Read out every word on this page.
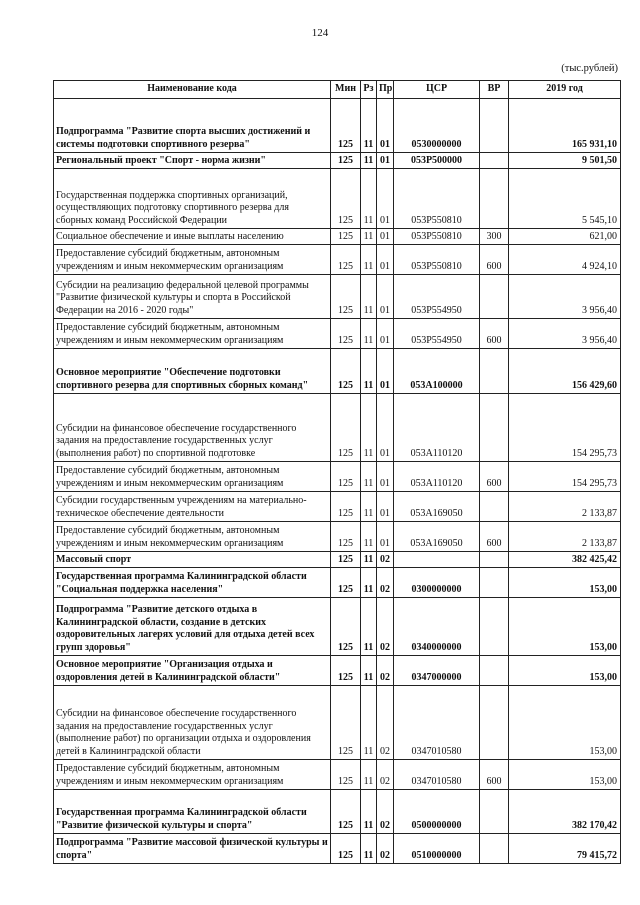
124
(тыс.рублей)
Наименование кода	Мин	Рз	Пр	ЦСР	ВР	2019 год
Подпрограмма "Развитие спорта высших достижений и системы подготовки спортивного резерва"	125	11	01	0530000000		165 931,10
Региональный проект "Спорт - норма жизни"	125	11	01	053P500000		9 501,50
Государственная поддержка спортивных организаций, осуществляющих подготовку спортивного резерва для сборных команд Российской Федерации	125	11	01	053P550810		5 545,10
Социальное обеспечение и иные выплаты населению	125	11	01	053P550810	300	621,00
Предоставление субсидий бюджетным, автономным учреждениям и иным некоммерческим организациям	125	11	01	053P550810	600	4 924,10
Субсидии на реализацию федеральной целевой программы "Развитие физической культуры и спорта в Российской Федерации на 2016 - 2020 годы"	125	11	01	053P554950		3 956,40
Предоставление субсидий бюджетным, автономным учреждениям и иным некоммерческим организациям	125	11	01	053P554950	600	3 956,40
Основное мероприятие "Обеспечение подготовки спортивного резерва для спортивных сборных команд"	125	11	01	053A100000		156 429,60
Субсидии на финансовое обеспечение государственного задания на предоставление государственных услуг (выполнения работ) по спортивной подготовке	125	11	01	053A110120		154 295,73
Предоставление субсидий бюджетным, автономным учреждениям и иным некоммерческим организациям	125	11	01	053A110120	600	154 295,73
Субсидии государственным учреждениям на материально-техническое обеспечение деятельности	125	11	01	053A169050		2 133,87
Предоставление субсидий бюджетным, автономным учреждениям и иным некоммерческим организациям	125	11	01	053A169050	600	2 133,87
Массовый спорт	125	11	02			382 425,42
Государственная программа Калининградской области "Социальная поддержка населения"	125	11	02	0300000000		153,00
Подпрограмма "Развитие детского отдыха в Калининградской области, создание в детских оздоровительных лагерях условий для отдыха детей всех групп здоровья"	125	11	02	0340000000		153,00
Основное мероприятие "Организация отдыха и оздоровления детей в Калининградской области"	125	11	02	0347000000		153,00
Субсидии на финансовое обеспечение государственного задания на предоставление государственных услуг (выполнение работ) по организации отдыха и оздоровления детей в Калининградской области	125	11	02	0347010580		153,00
Предоставление субсидий бюджетным, автономным учреждениям и иным некоммерческим организациям	125	11	02	0347010580	600	153,00
Государственная программа Калининградской области "Развитие физической культуры и спорта"	125	11	02	0500000000		382 170,42
Подпрограмма "Развитие массовой физической культуры и спорта"	125	11	02	0510000000		79 415,72
